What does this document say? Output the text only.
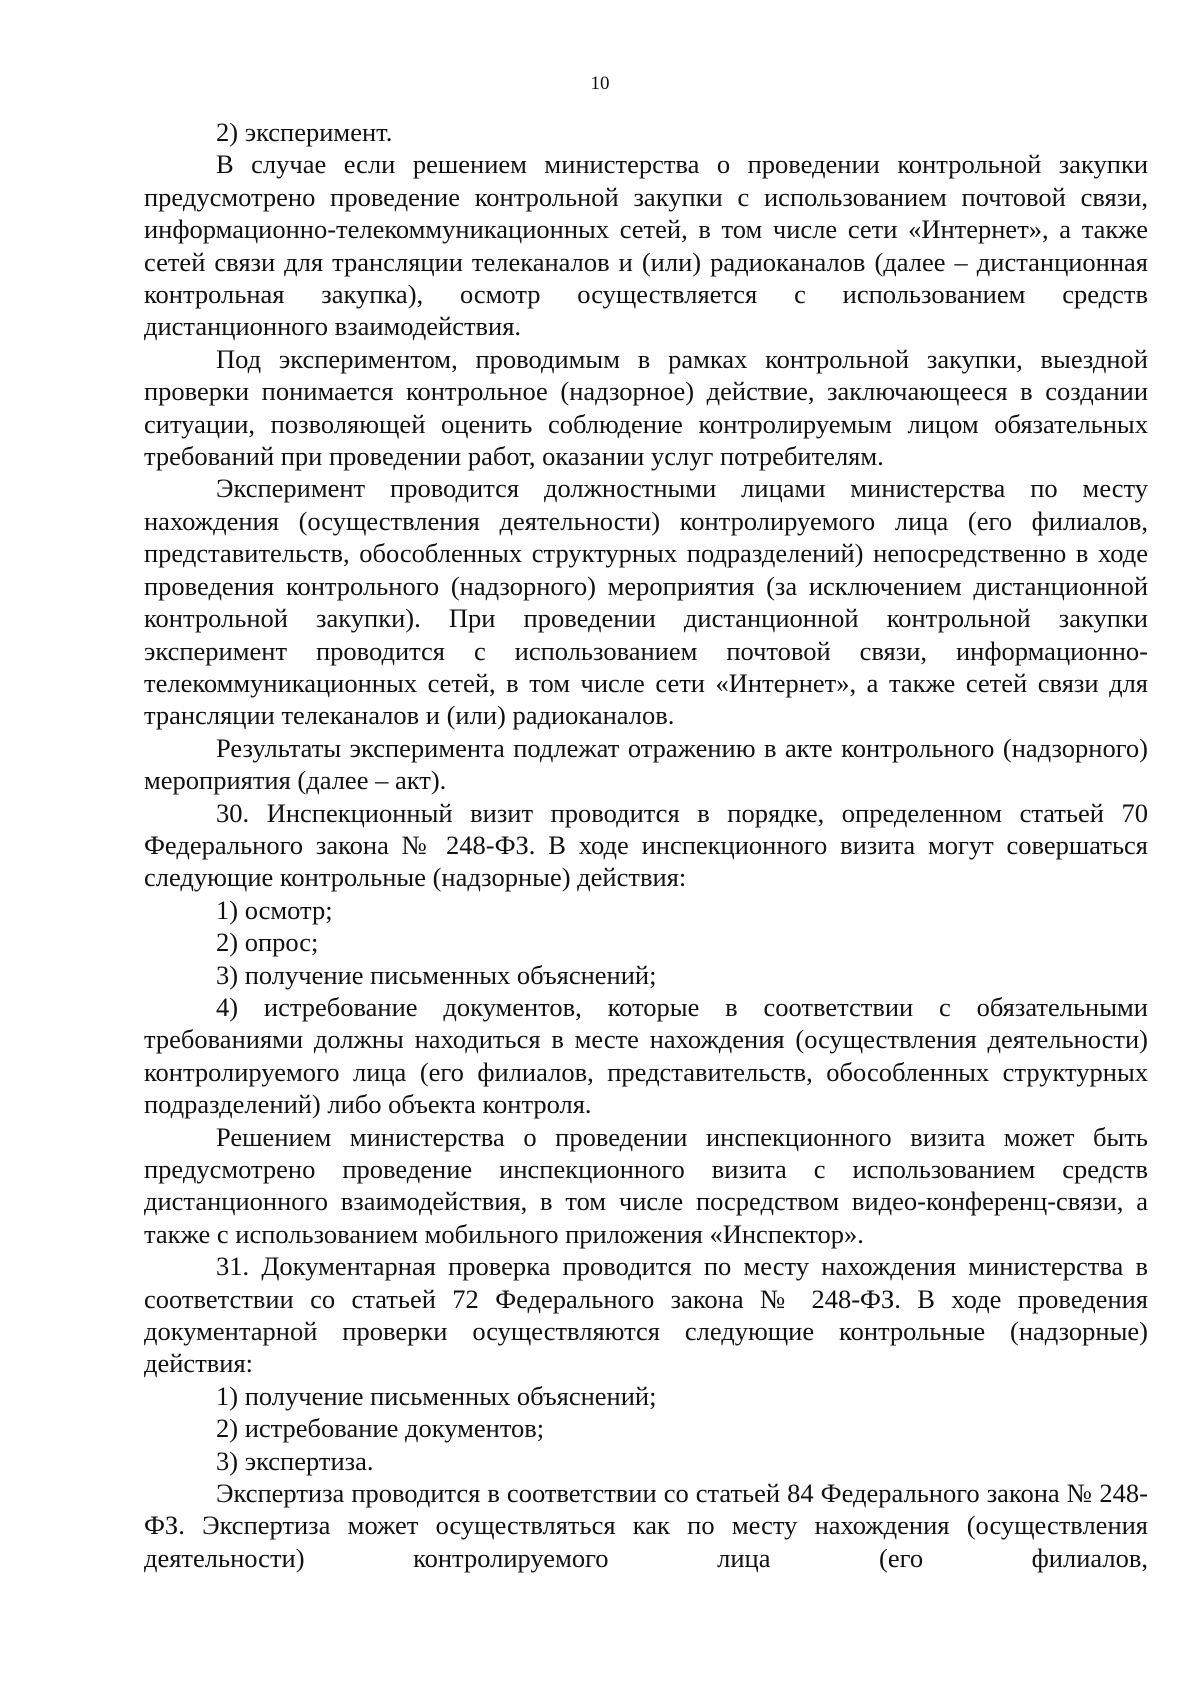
10

2) эксперимент.

В случае если решением министерства о проведении контрольной закупки предусмотрено проведение контрольной закупки с использованием почтовой связи, информационно-телекоммуникационных сетей, в том числе сети «Интернет», а также сетей связи для трансляции телеканалов и (или) радиоканалов (далее – дистанционная контрольная закупка), осмотр осуществляется с использованием средств дистанционного взаимодействия.

Под экспериментом, проводимым в рамках контрольной закупки, выездной проверки понимается контрольное (надзорное) действие, заключающееся в создании ситуации, позволяющей оценить соблюдение контролируемым лицом обязательных требований при проведении работ, оказании услуг потребителям.

Эксперимент проводится должностными лицами министерства по месту нахождения (осуществления деятельности) контролируемого лица (его филиалов, представительств, обособленных структурных подразделений) непосредственно в ходе проведения контрольного (надзорного) мероприятия (за исключением дистанционной контрольной закупки). При проведении дистанционной контрольной закупки эксперимент проводится с использованием почтовой связи, информационно-телекоммуникационных сетей, в том числе сети «Интернет», а также сетей связи для трансляции телеканалов и (или) радиоканалов.

Результаты эксперимента подлежат отражению в акте контрольного (надзорного) мероприятия (далее – акт).

30. Инспекционный визит проводится в порядке, определенном статьей 70 Федерального закона № 248-ФЗ. В ходе инспекционного визита могут совершаться следующие контрольные (надзорные) действия:

1) осмотр;

2) опрос;

3) получение письменных объяснений;

4) истребование документов, которые в соответствии с обязательными требованиями должны находиться в месте нахождения (осуществления деятельности) контролируемого лица (его филиалов, представительств, обособленных структурных подразделений) либо объекта контроля.

Решением министерства о проведении инспекционного визита может быть предусмотрено проведение инспекционного визита с использованием средств дистанционного взаимодействия, в том числе посредством видео-конференц-связи, а также с использованием мобильного приложения «Инспектор».

31. Документарная проверка проводится по месту нахождения министерства в соответствии со статьей 72 Федерального закона № 248-ФЗ. В ходе проведения документарной проверки осуществляются следующие контрольные (надзорные) действия:

1) получение письменных объяснений;

2) истребование документов;

3) экспертиза.

Экспертиза проводится в соответствии со статьей 84 Федерального закона № 248-ФЗ. Экспертиза может осуществляться как по месту нахождения (осуществления деятельности) контролируемого лица (его филиалов,
